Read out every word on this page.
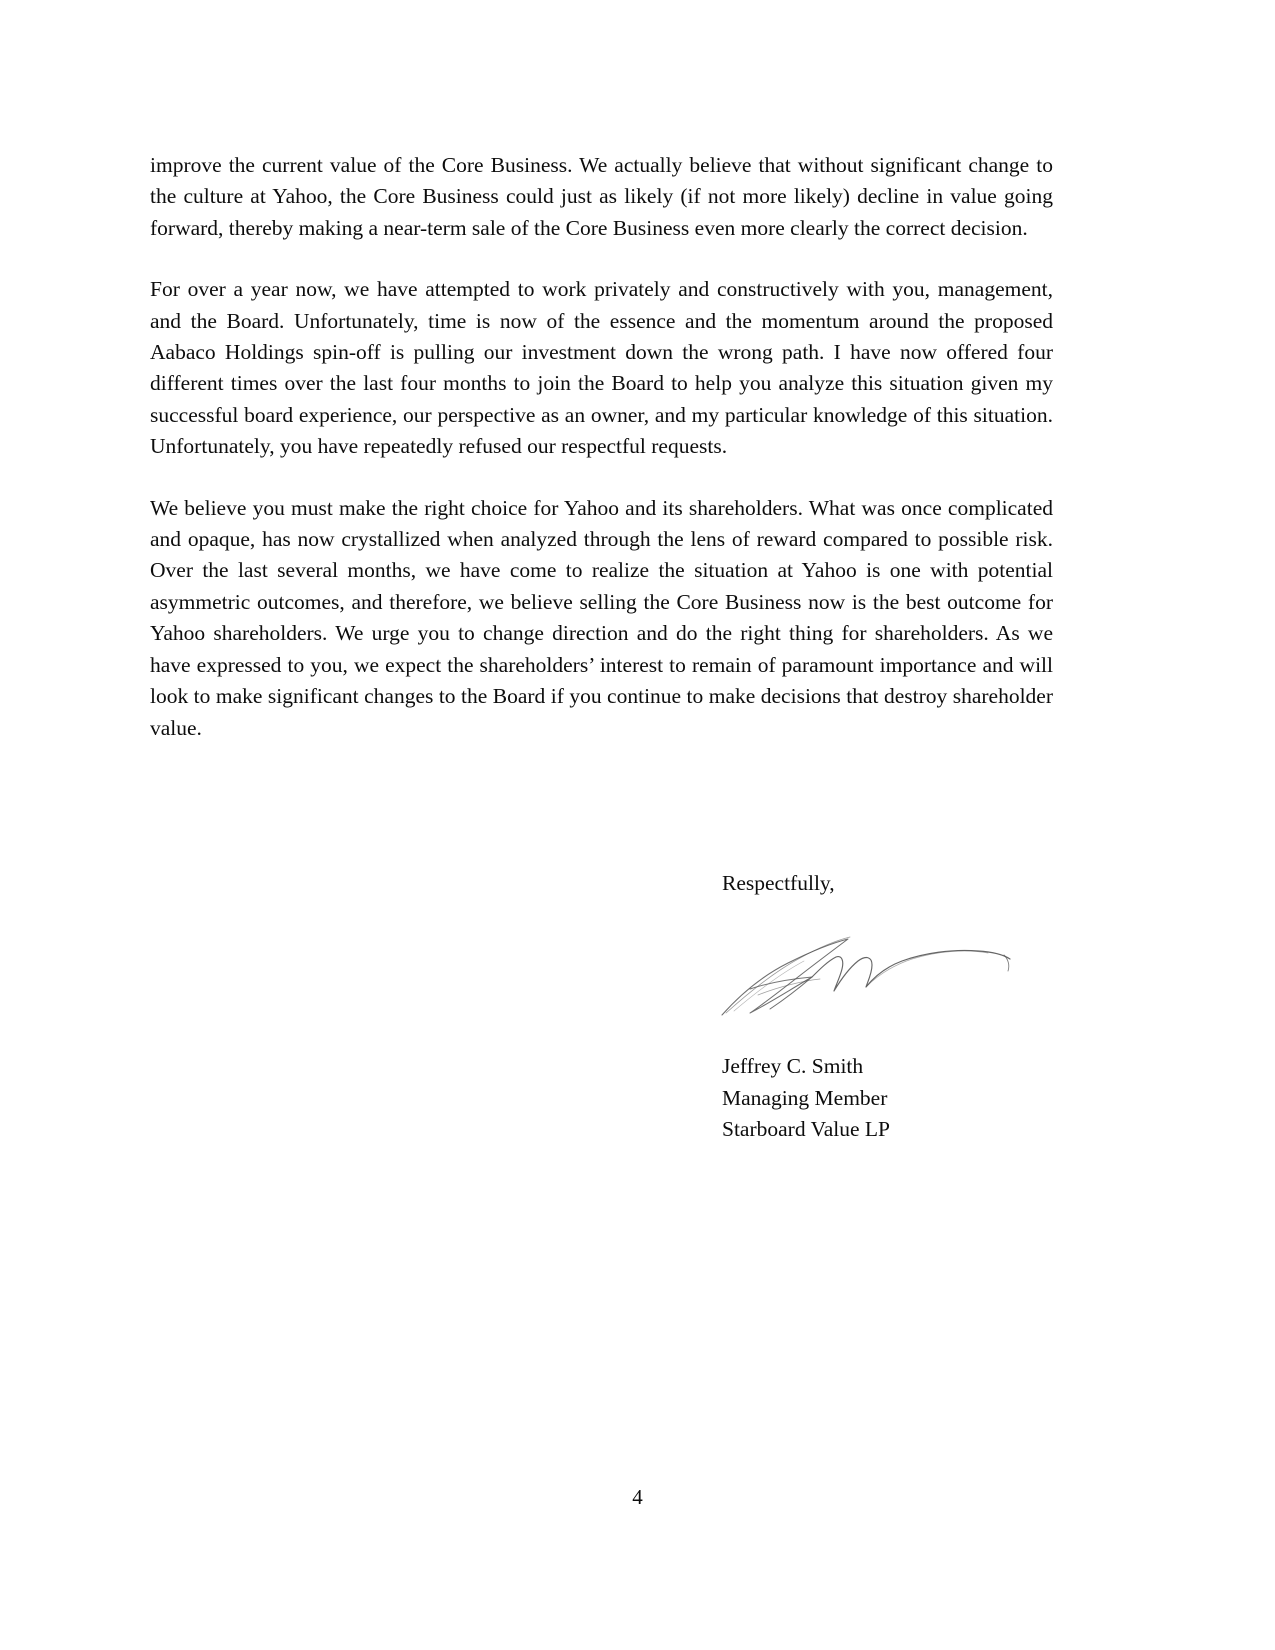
improve the current value of the Core Business. We actually believe that without significant change to the culture at Yahoo, the Core Business could just as likely (if not more likely) decline in value going forward, thereby making a near-term sale of the Core Business even more clearly the correct decision.

For over a year now, we have attempted to work privately and constructively with you, management, and the Board. Unfortunately, time is now of the essence and the momentum around the proposed Aabaco Holdings spin-off is pulling our investment down the wrong path. I have now offered four different times over the last four months to join the Board to help you analyze this situation given my successful board experience, our perspective as an owner, and my particular knowledge of this situation. Unfortunately, you have repeatedly refused our respectful requests.

We believe you must make the right choice for Yahoo and its shareholders. What was once complicated and opaque, has now crystallized when analyzed through the lens of reward compared to possible risk. Over the last several months, we have come to realize the situation at Yahoo is one with potential asymmetric outcomes, and therefore, we believe selling the Core Business now is the best outcome for Yahoo shareholders. We urge you to change direction and do the right thing for shareholders. As we have expressed to you, we expect the shareholders’ interest to remain of paramount importance and will look to make significant changes to the Board if you continue to make decisions that destroy shareholder value.

Respectfully,
Jeffrey C. Smith
Managing Member
Starboard Value LP
4
